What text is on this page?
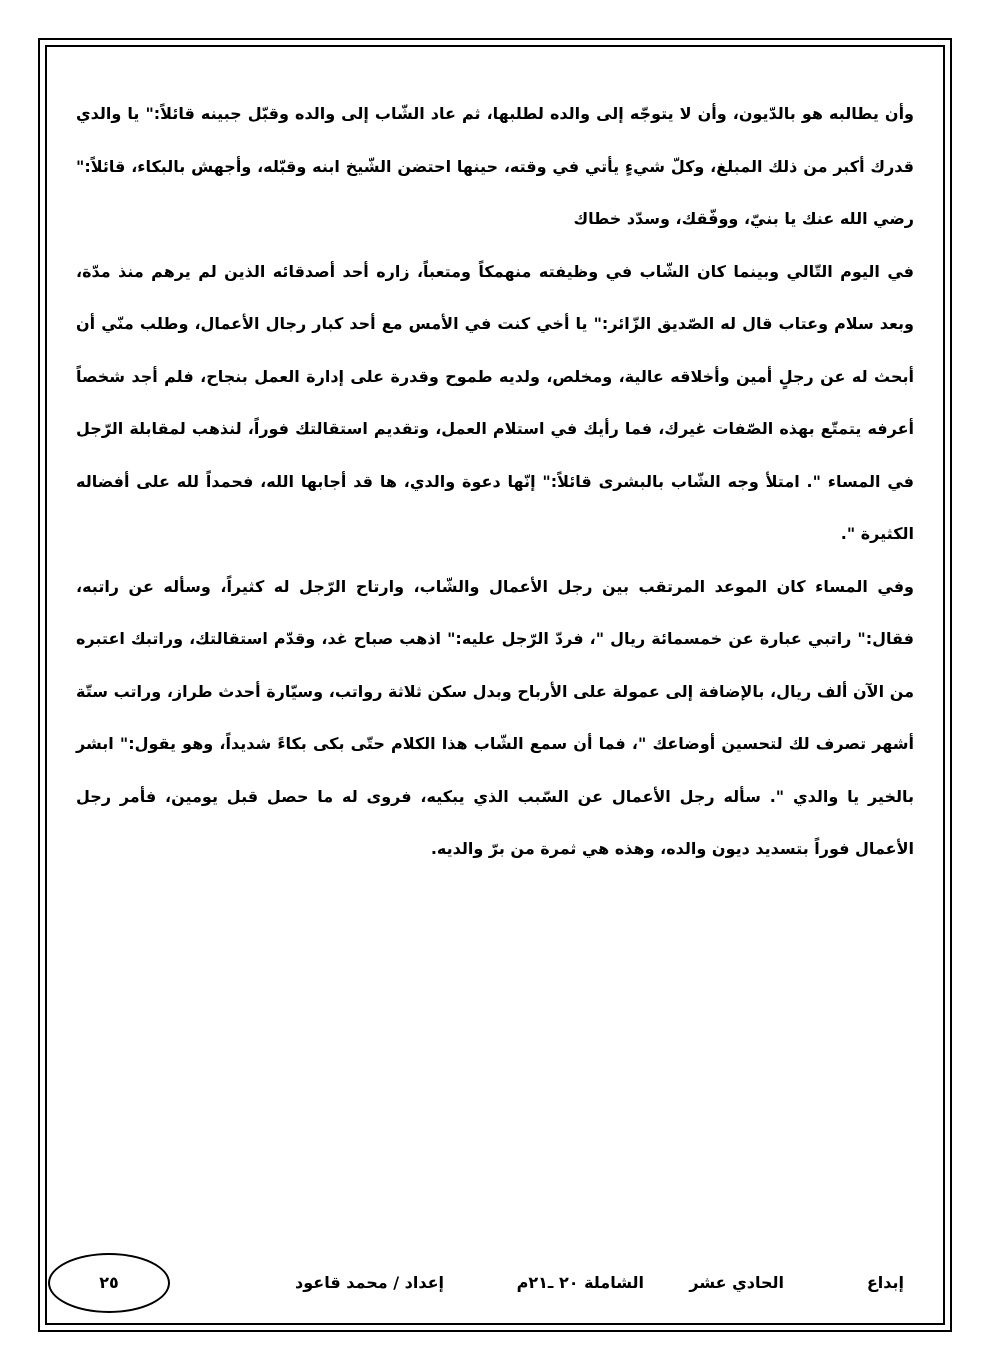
وأن يطالبه هو بالدّيون، وأن لا يتوجّه إلى والده لطلبها، ثم عاد الشّاب إلى والده وقبّل جبينه قائلاً:" يا والدي قدرك أكبر من ذلك المبلغ، وكلّ شيءٍ يأتي في وقته، حينها احتضن الشّيخ ابنه وقبّله، وأجهش بالبكاء، قائلاً:" رضي الله عنك يا بنيّ، ووفّقك، وسدّد خطاك

في اليوم التّالي وبينما كان الشّاب في وظيفته منهمكاً ومتعباً، زاره أحد أصدقائه الذين لم يرهم منذ مدّة، وبعد سلام وعتاب قال له الصّديق الزّائر:" يا أخي كنت في الأمس مع أحد كبار رجال الأعمال، وطلب منّي أن أبحث له عن رجلٍ أمين وأخلاقه عالية، ومخلص، ولديه طموح وقدرة على إدارة العمل بنجاح، فلم أجد شخصاً أعرفه يتمتّع بهذه الصّفات غيرك، فما رأيك في استلام العمل، وتقديم استقالتك فوراً، لنذهب لمقابلة الرّجل في المساء ". امتلأ وجه الشّاب بالبشرى قائلاً:" إنّها دعوة والدي، ها قد أجابها الله، فحمداً لله على أفضاله الكثيرة ".

وفي المساء كان الموعد المرتقب بين رجل الأعمال والشّاب، وارتاح الرّجل له كثيراً، وسأله عن راتبه، فقال:" راتبي عبارة عن خمسمائة ريال "، فردّ الرّجل عليه:" اذهب صباح غد، وقدّم استقالتك، وراتبك اعتبره من الآن ألف ريال، بالإضافة إلى عمولة على الأرباح وبدل سكن ثلاثة رواتب، وسيّارة أحدث طراز، وراتب ستّة أشهر تصرف لك لتحسين أوضاعك "، فما أن سمع الشّاب هذا الكلام حتّى بكى بكاءً شديداً، وهو يقول:" ابشر بالخير يا والدي ". سأله رجل الأعمال عن السّبب الذي يبكيه، فروى له ما حصل قبل يومين، فأمر رجل الأعمال فوراً بتسديد ديون والده، وهذه هي ثمرة من برّ والديه.

إبداع
الحادي عشر
الشاملة ٢٠ ـ٢١م
إعداد / محمد قاعود
٢٥
